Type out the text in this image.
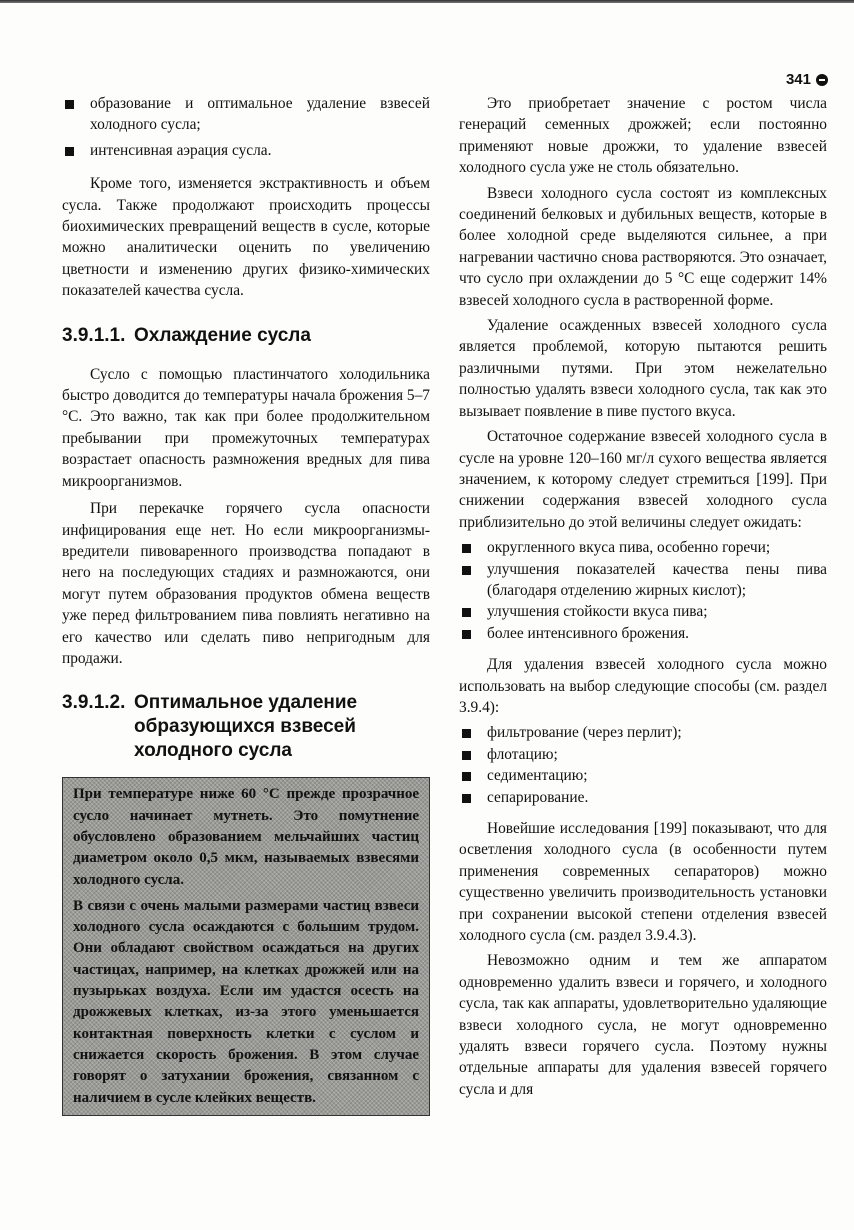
341
образование и оптимальное удаление взвесей холодного сусла;
интенсивная аэрация сусла.

Кроме того, изменяется экстрактивность и объем сусла. Также продолжают происходить процессы биохимических превращений веществ в сусле, которые можно аналитически оценить по увеличению цветности и изменению других физико-химических показателей качества сусла.

3.9.1.1. Охлаждение сусла

Сусло с помощью пластинчатого холодильника быстро доводится до температуры начала брожения 5–7 °С. Это важно, так как при более продолжительном пребывании при промежуточных температурах возрастает опасность размножения вредных для пива микроорганизмов.

При перекачке горячего сусла опасности инфицирования еще нет. Но если микроорганизмы-вредители пивоваренного производства попадают в него на последующих стадиях и размножаются, они могут путем образования продуктов обмена веществ уже перед фильтрованием пива повлиять негативно на его качество или сделать пиво непригодным для продажи.

3.9.1.2. Оптимальное удаление образующихся взвесей холодного сусла

При температуре ниже 60 °С прежде прозрачное сусло начинает мутнеть. Это помутнение обусловлено образованием мельчайших частиц диаметром около 0,5 мкм, называемых взвесями холодного сусла.

В связи с очень малыми размерами частиц взвеси холодного сусла осаждаются с большим трудом. Они обладают свойством осаждаться на других частицах, например, на клетках дрожжей или на пузырьках воздуха. Если им удастся осесть на дрожжевых клетках, из-за этого уменьшается контактная поверхность клетки с суслом и снижается скорость брожения. В этом случае говорят о затухании брожения, связанном с наличием в сусле клейких веществ.

Это приобретает значение с ростом числа генераций семенных дрожжей; если постоянно применяют новые дрожжи, то удаление взвесей холодного сусла уже не столь обязательно.

Взвеси холодного сусла состоят из комплексных соединений белковых и дубильных веществ, которые в более холодной среде выделяются сильнее, а при нагревании частично снова растворяются. Это означает, что сусло при охлаждении до 5 °С еще содержит 14% взвесей холодного сусла в растворенной форме.

Удаление осажденных взвесей холодного сусла является проблемой, которую пытаются решить различными путями. При этом нежелательно полностью удалять взвеси холодного сусла, так как это вызывает появление в пиве пустого вкуса.

Остаточное содержание взвесей холодного сусла в сусле на уровне 120–160 мг/л сухого вещества является значением, к которому следует стремиться [199]. При снижении содержания взвесей холодного сусла приблизительно до этой величины следует ожидать:

округленного вкуса пива, особенно горечи;
улучшения показателей качества пены пива (благодаря отделению жирных кислот);
улучшения стойкости вкуса пива;
более интенсивного брожения.

Для удаления взвесей холодного сусла можно использовать на выбор следующие способы (см. раздел 3.9.4):

фильтрование (через перлит);
флотацию;
седиментацию;
сепарирование.

Новейшие исследования [199] показывают, что для осветления холодного сусла (в особенности путем применения современных сепараторов) можно существенно увеличить производительность установки при сохранении высокой степени отделения взвесей холодного сусла (см. раздел 3.9.4.3).

Невозможно одним и тем же аппаратом одновременно удалить взвеси и горячего, и холодного сусла, так как аппараты, удовлетворительно удаляющие взвеси холодного сусла, не могут одновременно удалять взвеси горячего сусла. Поэтому нужны отдельные аппараты для удаления взвесей горячего сусла и для
